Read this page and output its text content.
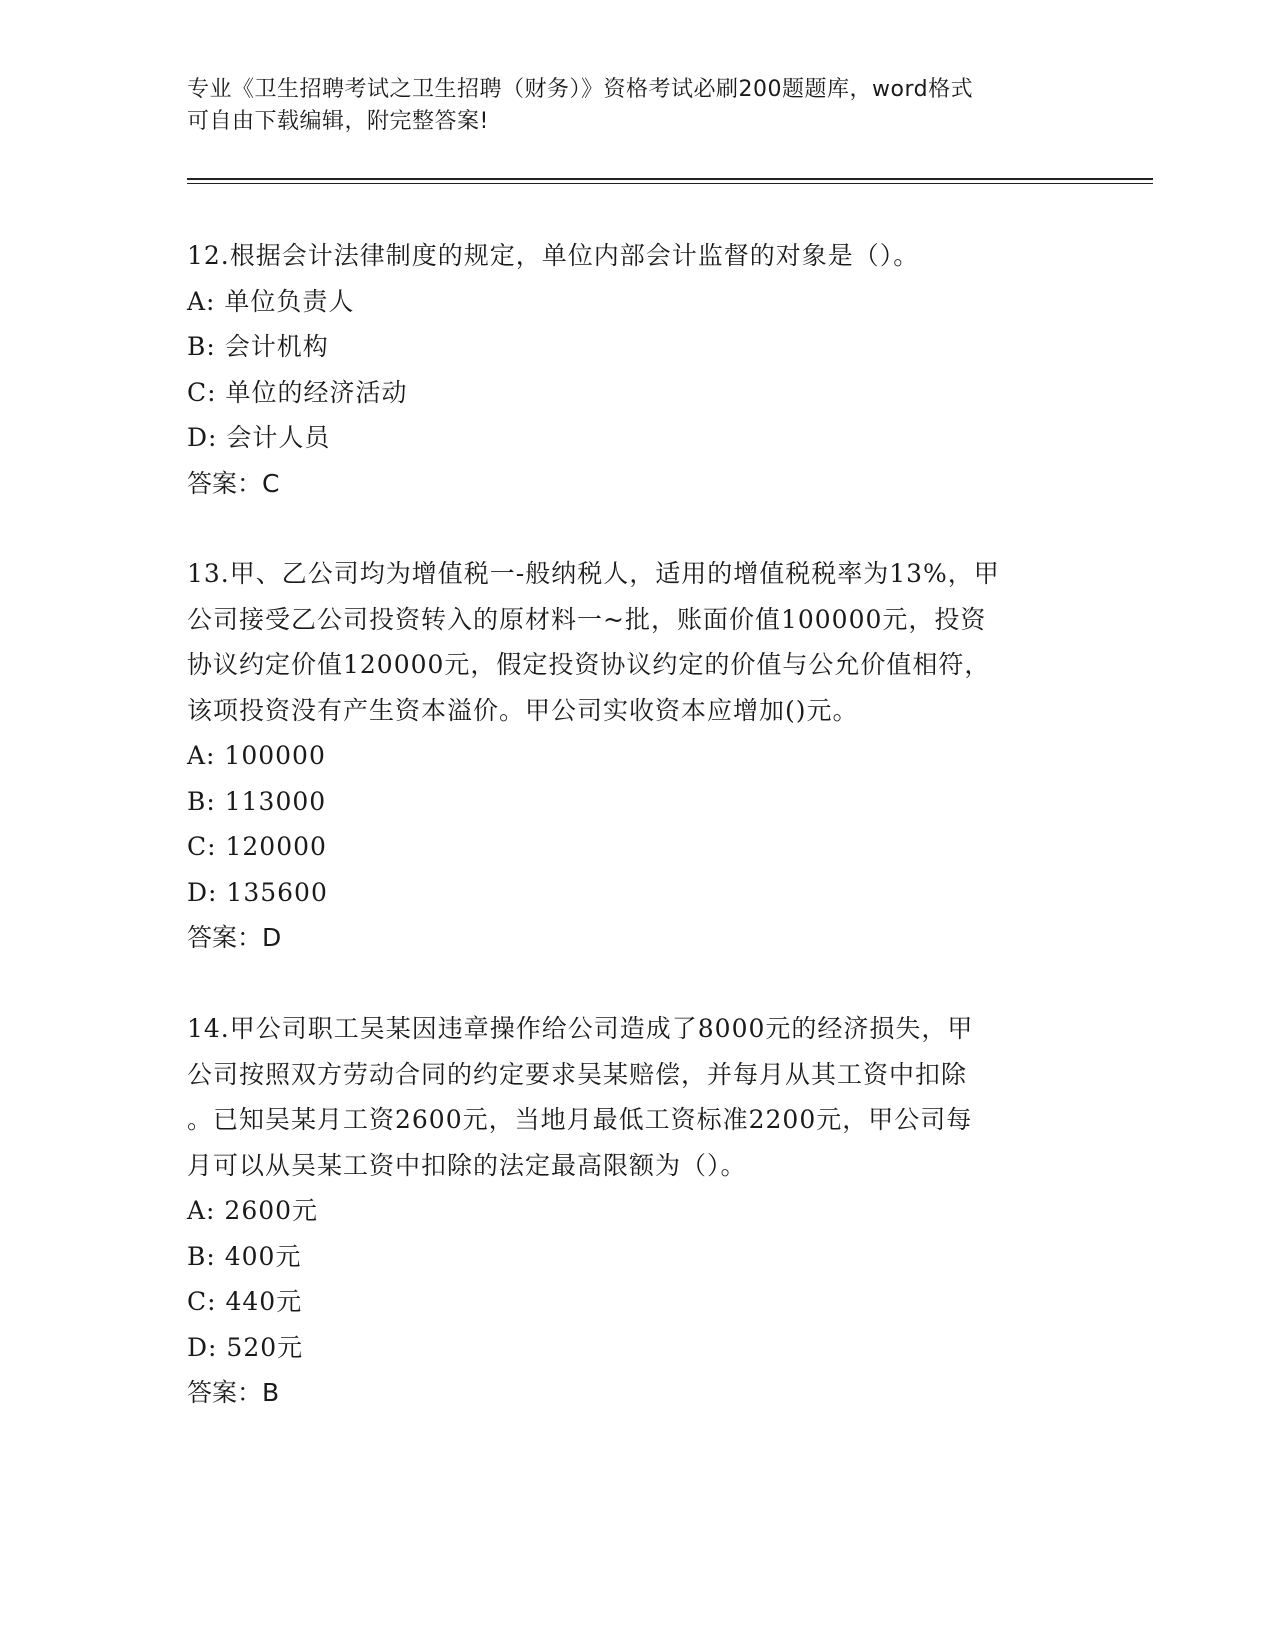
专业《卫生招聘考试之卫生招聘（财务）》资格考试必刷200题题库，word格式
可自由下载编辑，附完整答案!
12.根据会计法律制度的规定，单位内部会计监督的对象是（）。
A: 单位负责人
B: 会计机构
C: 单位的经济活动
D: 会计人员
答案：C
13.甲、乙公司均为增值税一-般纳税人，适用的增值税税率为13%，甲
公司接受乙公司投资转入的原材料一~批，账面价值100000元，投资
协议约定价值120000元，假定投资协议约定的价值与公允价值相符，
该项投资没有产生资本溢价。甲公司实收资本应增加()元。
A: 100000
B: 113000
C: 120000
D: 135600
答案：D
14.甲公司职工吴某因违章操作给公司造成了8000元的经济损失，甲
公司按照双方劳动合同的约定要求吴某赔偿，并每月从其工资中扣除
。已知吴某月工资2600元，当地月最低工资标准2200元，甲公司每
月可以从吴某工资中扣除的法定最高限额为（）。
A: 2600元
B: 400元
C: 440元
D: 520元
答案：B
